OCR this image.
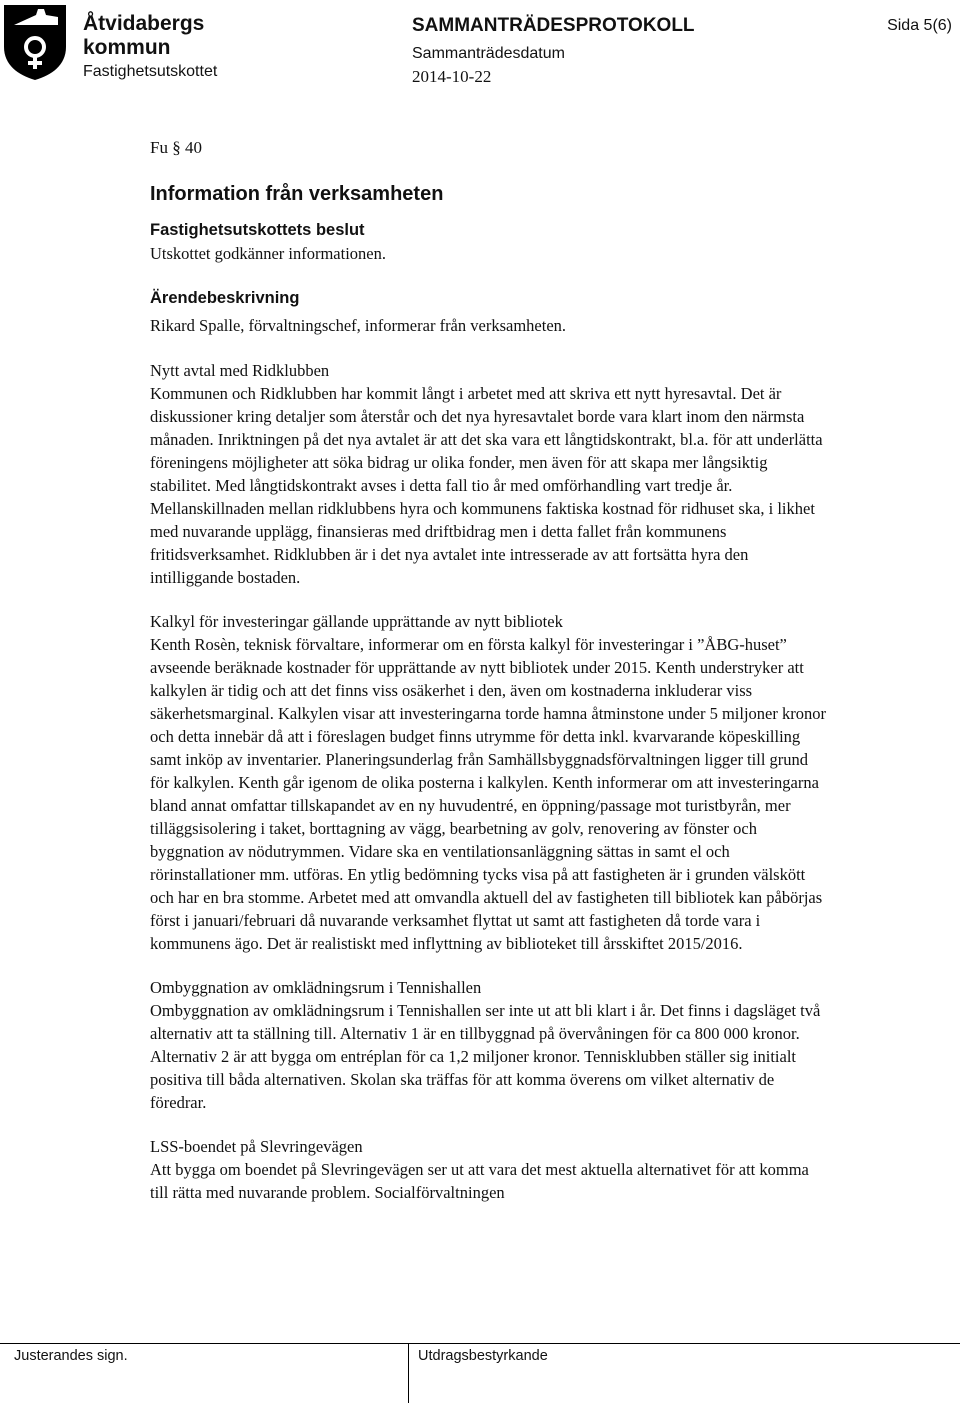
Åtvidabergs kommun
Fastighetsutskottet
SAMMANTRÄDESPROTOKOLL
Sammanträdesdatum
2014-10-22
Sida 5(6)
Fu § 40
Information från verksamheten
Fastighetsutskottets beslut

Utskottet godkänner informationen.

Ärendebeskrivning

Rikard Spalle, förvaltningschef, informerar från verksamheten.

Nytt avtal med Ridklubben

Kommunen och Ridklubben har kommit långt i arbetet med att skriva ett nytt hyresavtal. Det är diskussioner kring detaljer som återstår och det nya hyresavtalet borde vara klart inom den närmsta månaden. Inriktningen på det nya avtalet är att det ska vara ett långtidskontrakt, bl.a. för att underlätta föreningens möjligheter att söka bidrag ur olika fonder, men även för att skapa mer långsiktig stabilitet. Med långtidskontrakt avses i detta fall tio år med omförhandling vart tredje år. Mellanskillnaden mellan ridklubbens hyra och kommunens faktiska kostnad för ridhuset ska, i likhet med nuvarande upplägg, finansieras med driftbidrag men i detta fallet från kommunens fritidsverksamhet. Ridklubben är i det nya avtalet inte intresserade av att fortsätta hyra den intilliggande bostaden.

Kalkyl för investeringar gällande upprättande av nytt bibliotek

Kenth Rosèn, teknisk förvaltare, informerar om en första kalkyl för investeringar i ”ÅBG-huset” avseende beräknade kostnader för upprättande av nytt bibliotek under 2015. Kenth understryker att kalkylen är tidig och att det finns viss osäkerhet i den, även om kostnaderna inkluderar viss säkerhetsmarginal. Kalkylen visar att investeringarna torde hamna åtminstone under 5 miljoner kronor och detta innebär då att i föreslagen budget finns utrymme för detta inkl. kvarvarande köpeskilling samt inköp av inventarier. Planeringsunderlag från Samhällsbyggnadsförvaltningen ligger till grund för kalkylen. Kenth går igenom de olika posterna i kalkylen. Kenth informerar om att investeringarna bland annat omfattar tillskapandet av en ny huvudentré, en öppning/passage mot turistbyrån, mer tilläggsisolering i taket, borttagning av vägg, bearbetning av golv, renovering av fönster och byggnation av nödutrymmen. Vidare ska en ventilationsanläggning sättas in samt el och rörinstallationer mm. utföras. En ytlig bedömning tycks visa på att fastigheten är i grunden välskött och har en bra stomme. Arbetet med att omvandla aktuell del av fastigheten till bibliotek kan påbörjas först i januari/februari då nuvarande verksamhet flyttat ut samt att fastigheten då torde vara i kommunens ägo. Det är realistiskt med inflyttning av biblioteket till årsskiftet 2015/2016.

Ombyggnation av omklädningsrum i Tennishallen

Ombyggnation av omklädningsrum i Tennishallen ser inte ut att bli klart i år. Det finns i dagsläget två alternativ att ta ställning till. Alternativ 1 är en tillbyggnad på övervåningen för ca 800 000 kronor. Alternativ 2 är att bygga om entréplan för ca 1,2 miljoner kronor. Tennisklubben ställer sig initialt positiva till båda alternativen. Skolan ska träffas för att komma överens om vilket alternativ de föredrar.

LSS-boendet på Slevringevägen

Att bygga om boendet på Slevringevägen ser ut att vara det mest aktuella alternativet för att komma till rätta med nuvarande problem. Socialförvaltningen

Justerandes sign.	Utdragsbestyrkande
